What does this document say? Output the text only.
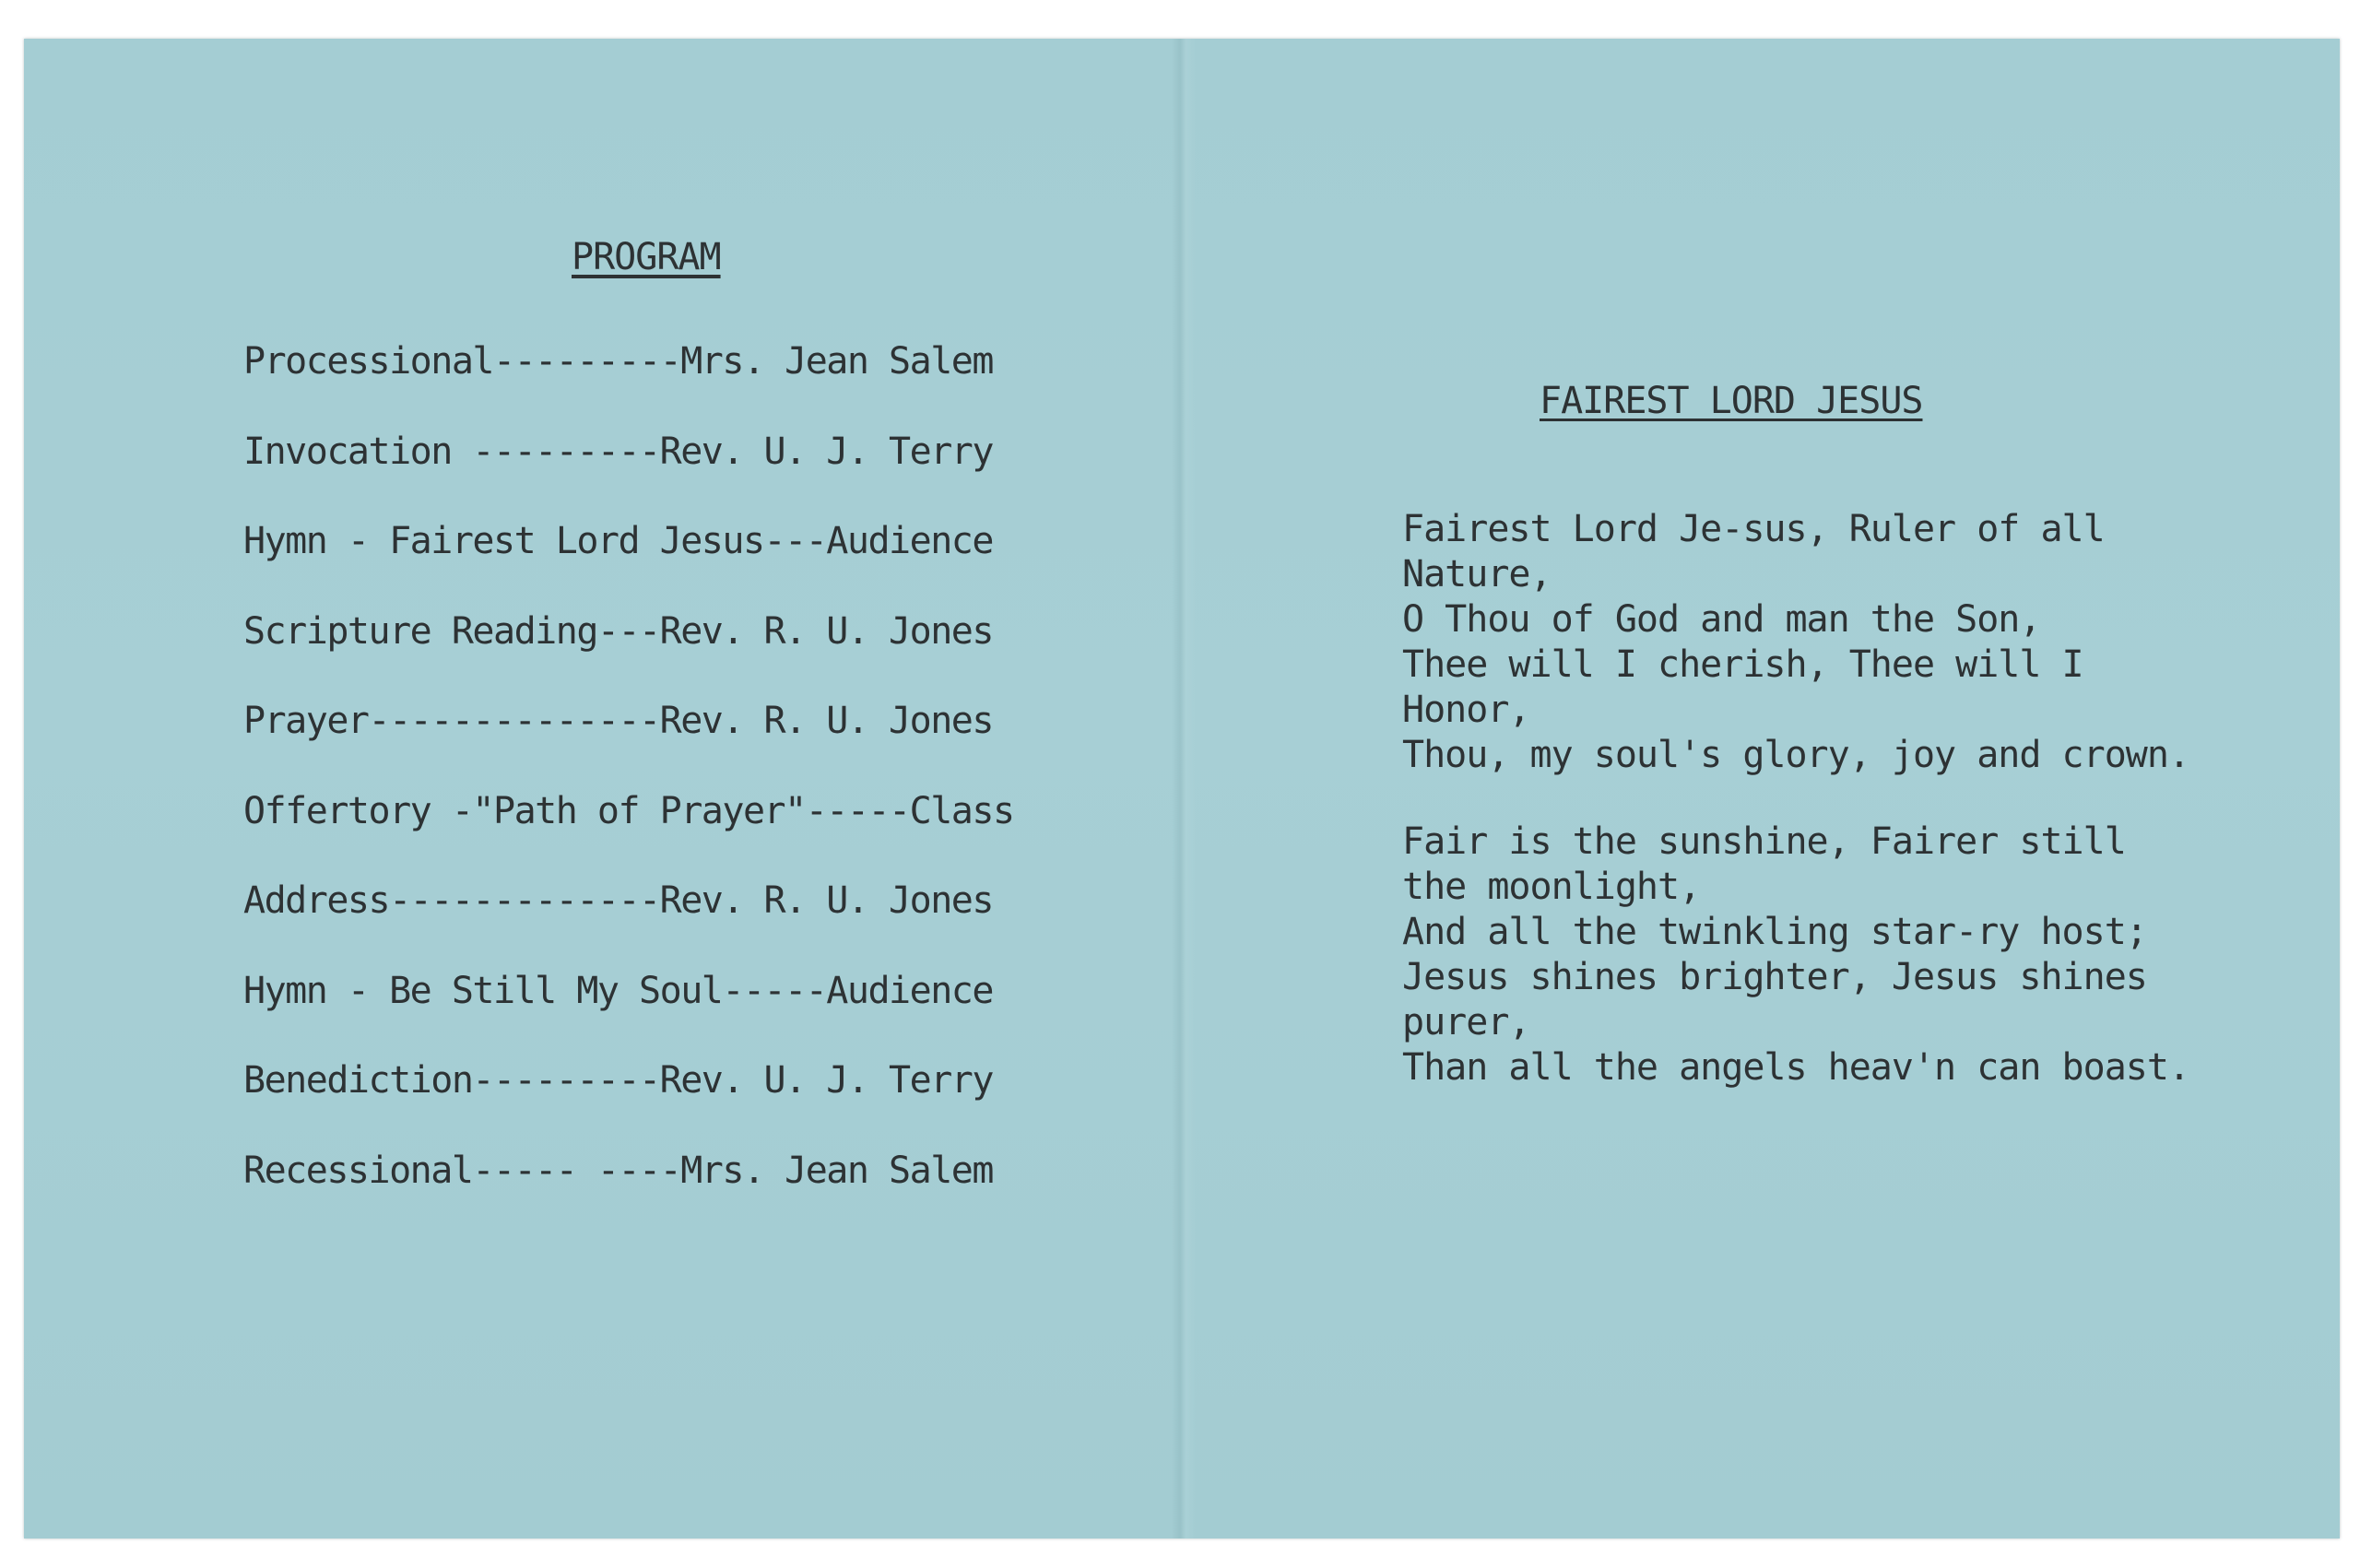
PROGRAM
Processional---------Mrs. Jean Salem
Invocation ---------Rev. U. J. Terry
Hymn - Fairest Lord Jesus---Audience
Scripture Reading---Rev. R. U. Jones
Prayer--------------Rev. R. U. Jones
Offertory -"Path of Prayer"-----Class
Address-------------Rev. R. U. Jones
Hymn - Be Still My Soul-----Audience
Benediction---------Rev. U. J. Terry
Recessional----- ----Mrs. Jean Salem
FAIREST LORD JESUS
Fairest Lord Je-sus, Ruler of all
Nature,
O Thou of God and man the Son,
Thee will I cherish, Thee will I
Honor,
Thou, my soul's glory, joy and crown.
Fair is the sunshine, Fairer still
the moonlight,
And all the twinkling star-ry host;
Jesus shines brighter, Jesus shines
purer,
Than all the angels heav'n can boast.
